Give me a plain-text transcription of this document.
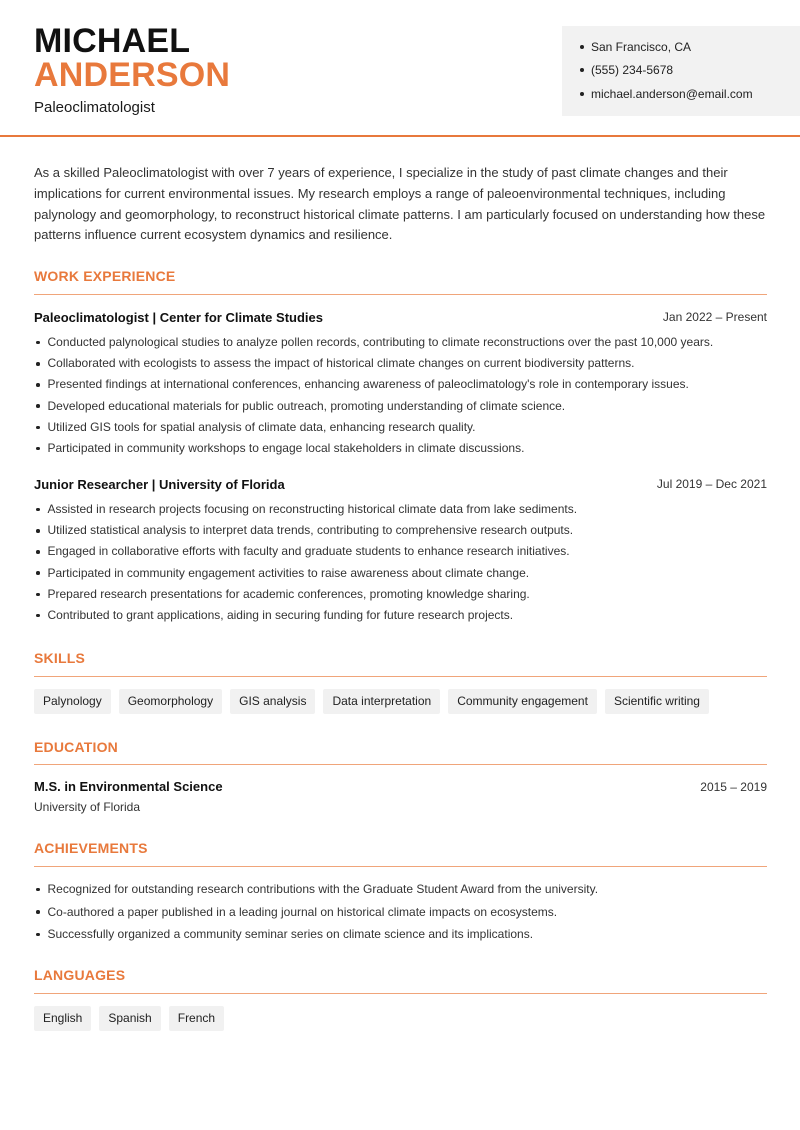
MICHAEL
ANDERSON
Paleoclimatologist
San Francisco, CA
(555) 234-5678
michael.anderson@email.com

As a skilled Paleoclimatologist with over 7 years of experience, I specialize in the study of past climate changes and their implications for current environmental issues. My research employs a range of paleoenvironmental techniques, including palynology and geomorphology, to reconstruct historical climate patterns. I am particularly focused on understanding how these patterns influence current ecosystem dynamics and resilience.

WORK EXPERIENCE
Paleoclimatologist | Center for Climate Studies	Jan 2022 – Present
Conducted palynological studies to analyze pollen records, contributing to climate reconstructions over the past 10,000 years.
Collaborated with ecologists to assess the impact of historical climate changes on current biodiversity patterns.
Presented findings at international conferences, enhancing awareness of paleoclimatology's role in contemporary issues.
Developed educational materials for public outreach, promoting understanding of climate science.
Utilized GIS tools for spatial analysis of climate data, enhancing research quality.
Participated in community workshops to engage local stakeholders in climate discussions.
Junior Researcher | University of Florida	Jul 2019 – Dec 2021
Assisted in research projects focusing on reconstructing historical climate data from lake sediments.
Utilized statistical analysis to interpret data trends, contributing to comprehensive research outputs.
Engaged in collaborative efforts with faculty and graduate students to enhance research initiatives.
Participated in community engagement activities to raise awareness about climate change.
Prepared research presentations for academic conferences, promoting knowledge sharing.
Contributed to grant applications, aiding in securing funding for future research projects.
SKILLS
Palynology	Geomorphology	GIS analysis	Data interpretation	Community engagement	Scientific writing
EDUCATION
M.S. in Environmental Science	2015 – 2019
University of Florida
ACHIEVEMENTS
Recognized for outstanding research contributions with the Graduate Student Award from the university.
Co-authored a paper published in a leading journal on historical climate impacts on ecosystems.
Successfully organized a community seminar series on climate science and its implications.
LANGUAGES
English	Spanish	French
